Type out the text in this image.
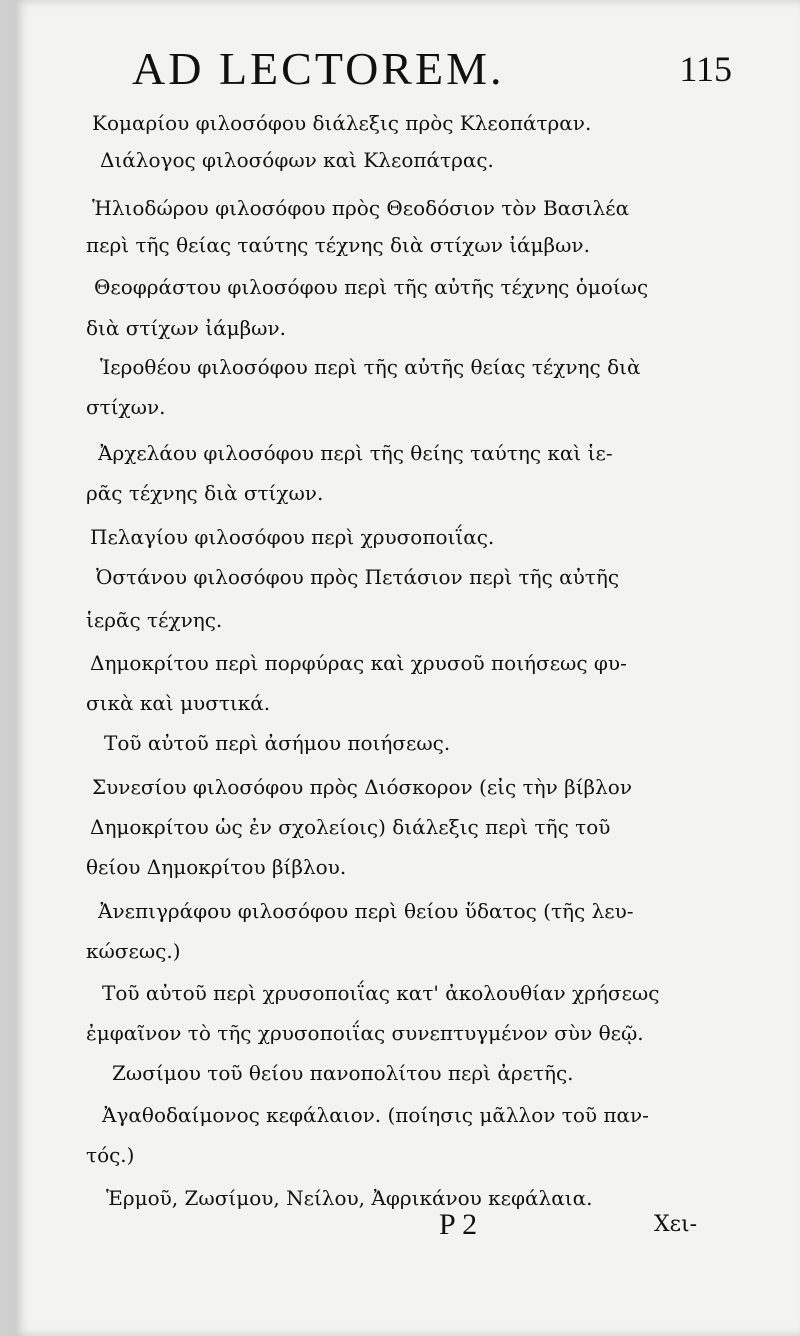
AD LECTOREM.	115
Κομαρίου φιλοσόφου διάλεξις πρὸς Κλεοπάτραν.
Διάλογος φιλοσόφων καὶ Κλεοπάτρας.
Ἡλιοδώρου φιλοσόφου πρὸς Θεοδόσιον τὸν Βασιλέα
περὶ τῆς θείας ταύτης τέχνης διὰ στίχων ἰάμβων.
Θεοφράστου φιλοσόφου περὶ τῆς αὐτῆς τέχνης ὁμοίως
διὰ στίχων ἰάμβων.
Ἱεροθέου φιλοσόφου περὶ τῆς αὐτῆς θείας τέχνης διὰ
στίχων.
Ἀρχελάου φιλοσόφου περὶ τῆς θείης ταύτης καὶ ἱε-
ρᾶς τέχνης διὰ στίχων.
Πελαγίου φιλοσόφου περὶ χρυσοποιΐας.
Ὀστάνου φιλοσόφου πρὸς Πετάσιον περὶ τῆς αὐτῆς
ἱερᾶς τέχνης.
Δημοκρίτου περὶ πορφύρας καὶ χρυσοῦ ποιήσεως φυ-
σικὰ καὶ μυστικά.
Τοῦ αὐτοῦ περὶ ἀσήμου ποιήσεως.
Συνεσίου φιλοσόφου πρὸς Διόσκορον (εἰς τὴν βίβλον
Δημοκρίτου ὡς ἐν σχολείοις) διάλεξις περὶ τῆς τοῦ
θείου Δημοκρίτου βίβλου.
Ἀνεπιγράφου φιλοσόφου περὶ θείου ὕδατος (τῆς λευ-
κώσεως.)
Τοῦ αὐτοῦ περὶ χρυσοποιΐας κατ' ἀκολουθίαν χρήσεως
ἐμφαῖνον τὸ τῆς χρυσοποιΐας συνεπτυγμένον σὺν θεῷ.
Ζωσίμου τοῦ θείου πανοπολίτου περὶ ἀρετῆς.
Ἀγαθοδαίμονος κεφάλαιον. (ποίησις μᾶλλον τοῦ παν-
τός.)
Ἑρμοῦ, Ζωσίμου, Νείλου, Ἀφρικάνου κεφάλαια.
P 2	Χει-
